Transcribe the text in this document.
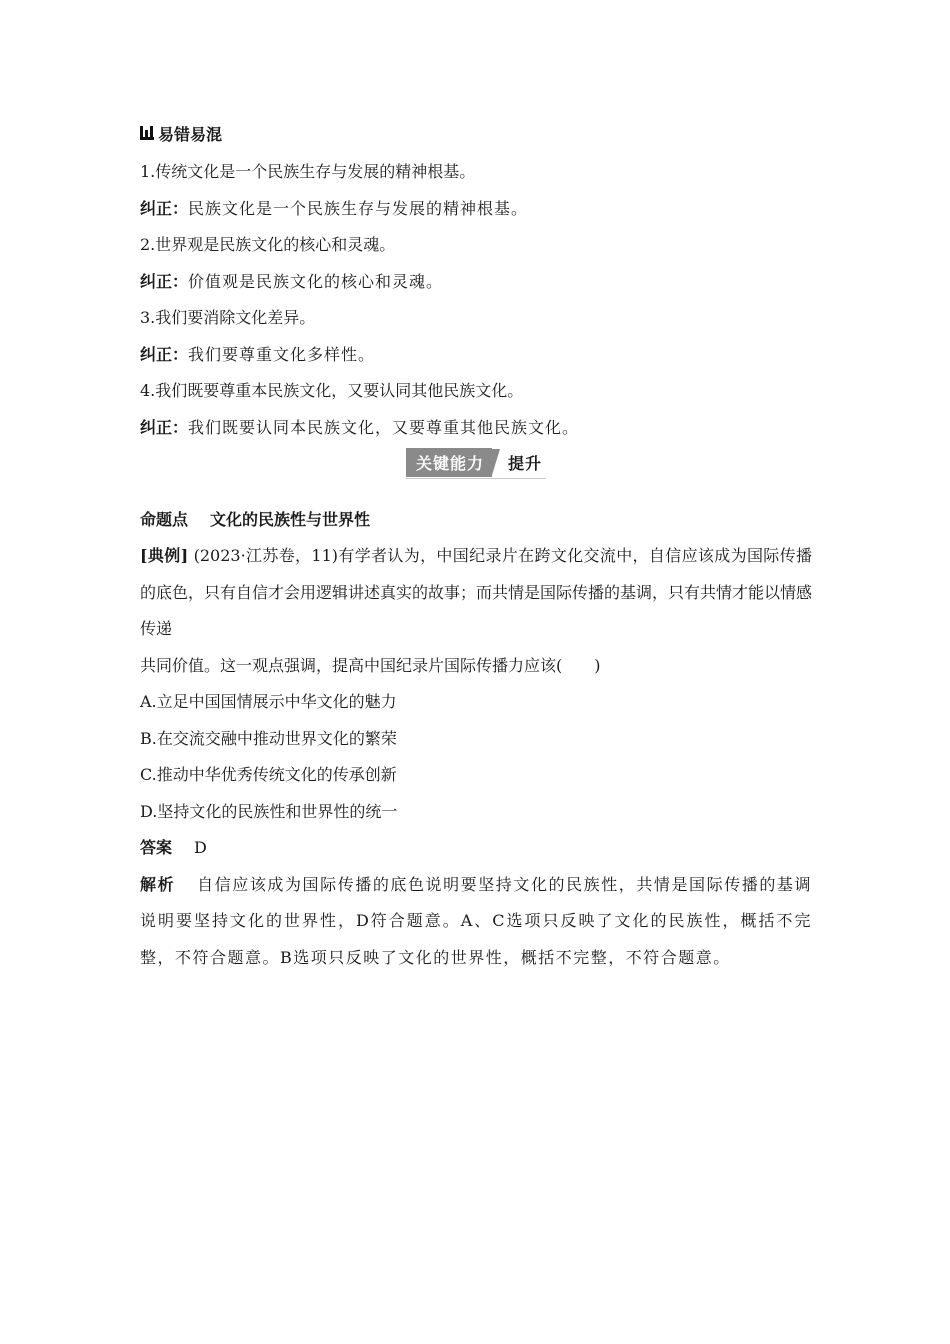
易错易混
1.传统文化是一个民族生存与发展的精神根基。
纠正：民族文化是一个民族生存与发展的精神根基。
2.世界观是民族文化的核心和灵魂。
纠正：价值观是民族文化的核心和灵魂。
3.我们要消除文化差异。
纠正：我们要尊重文化多样性。
4.我们既要尊重本民族文化，又要认同其他民族文化。
纠正：我们既要认同本民族文化，又要尊重其他民族文化。
关键能力	提升
命题点 文化的民族性与世界性
[典例] (2023·江苏卷，11)有学者认为，中国纪录片在跨文化交流中，自信应该成为国际传播的底色，只有自信才会用逻辑讲述真实的故事；而共情是国际传播的基调，只有共情才能以情感传递
共同价值。这一观点强调，提高中国纪录片国际传播力应该(　　)
A.立足中国国情展示中华文化的魅力
B.在交流交融中推动世界文化的繁荣
C.推动中华优秀传统文化的传承创新
D.坚持文化的民族性和世界性的统一
答案 D
解析 自信应该成为国际传播的底色说明要坚持文化的民族性，共情是国际传播的基调说明要坚持文化的世界性，D符合题意。A、C选项只反映了文化的民族性，概括不完整，不符合题意。B选项只反映了文化的世界性，概括不完整，不符合题意。
